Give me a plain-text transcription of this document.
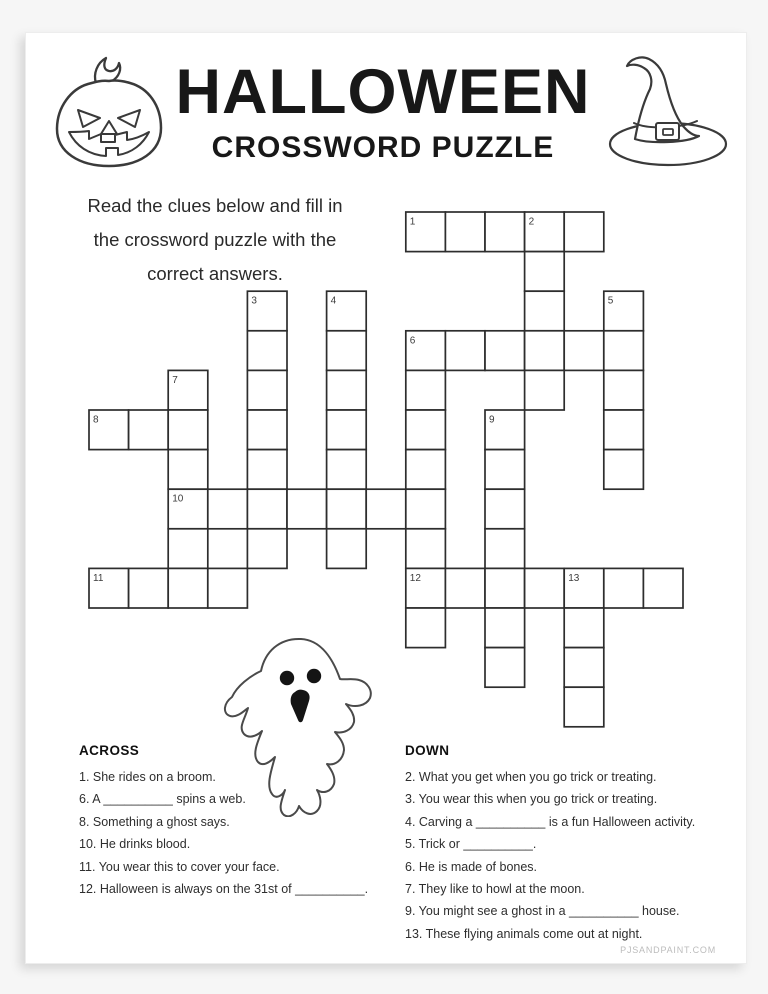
HALLOWEEN
CROSSWORD PUZZLE
Read the clues below and fill in
the crossword puzzle with the
correct answers.
1	2
3	4	5
6
7
8	9
10
11	12	13
ACROSS
1. She rides on a broom.
6. A __________ spins a web.
8. Something a ghost says.
10. He drinks blood.
11. You wear this to cover your face.
12. Halloween is always on the 31st of __________.
DOWN
2. What you get when you go trick or treating.
3. You wear this when you go trick or treating.
4. Carving a __________ is a fun Halloween activity.
5. Trick or __________.
6. He is made of bones.
7. They like to howl at the moon.
9. You might see a ghost in a __________ house.
13. These flying animals come out at night.
PJSANDPAINT.COM
